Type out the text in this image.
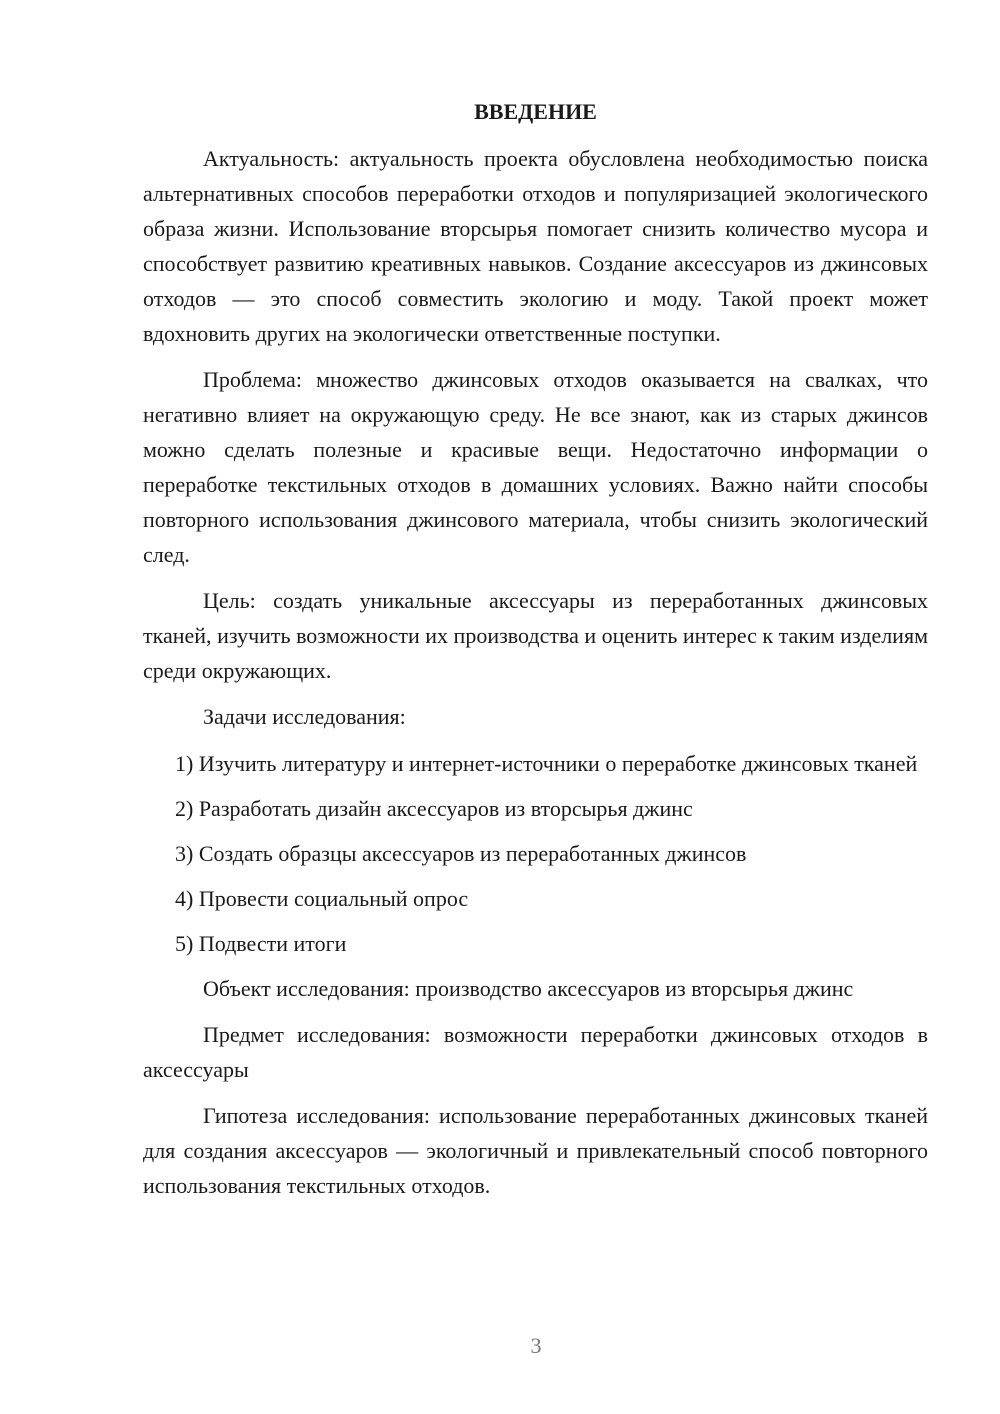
ВВЕДЕНИЕ

Актуальность: актуальность проекта обусловлена необходимостью поиска альтернативных способов переработки отходов и популяризацией экологического образа жизни. Использование вторсырья помогает снизить количество мусора и способствует развитию креативных навыков. Создание аксессуаров из джинсовых отходов — это способ совместить экологию и моду. Такой проект может вдохновить других на экологически ответственные поступки.

Проблема: множество джинсовых отходов оказывается на свалках, что негативно влияет на окружающую среду. Не все знают, как из старых джинсов можно сделать полезные и красивые вещи. Недостаточно информации о переработке текстильных отходов в домашних условиях. Важно найти способы повторного использования джинсового материала, чтобы снизить экологический след.

Цель: создать уникальные аксессуары из переработанных джинсовых тканей, изучить возможности их производства и оценить интерес к таким изделиям среди окружающих.

Задачи исследования:

1) Изучить литературу и интернет-источники о переработке джинсовых тканей

2) Разработать дизайн аксессуаров из вторсырья джинс

3) Создать образцы аксессуаров из переработанных джинсов

4) Провести социальный опрос

5) Подвести итоги

Объект исследования: производство аксессуаров из вторсырья джинс

Предмет исследования: возможности переработки джинсовых отходов в аксессуары

Гипотеза исследования: использование переработанных джинсовых тканей для создания аксессуаров — экологичный и привлекательный способ повторного использования текстильных отходов.

3
